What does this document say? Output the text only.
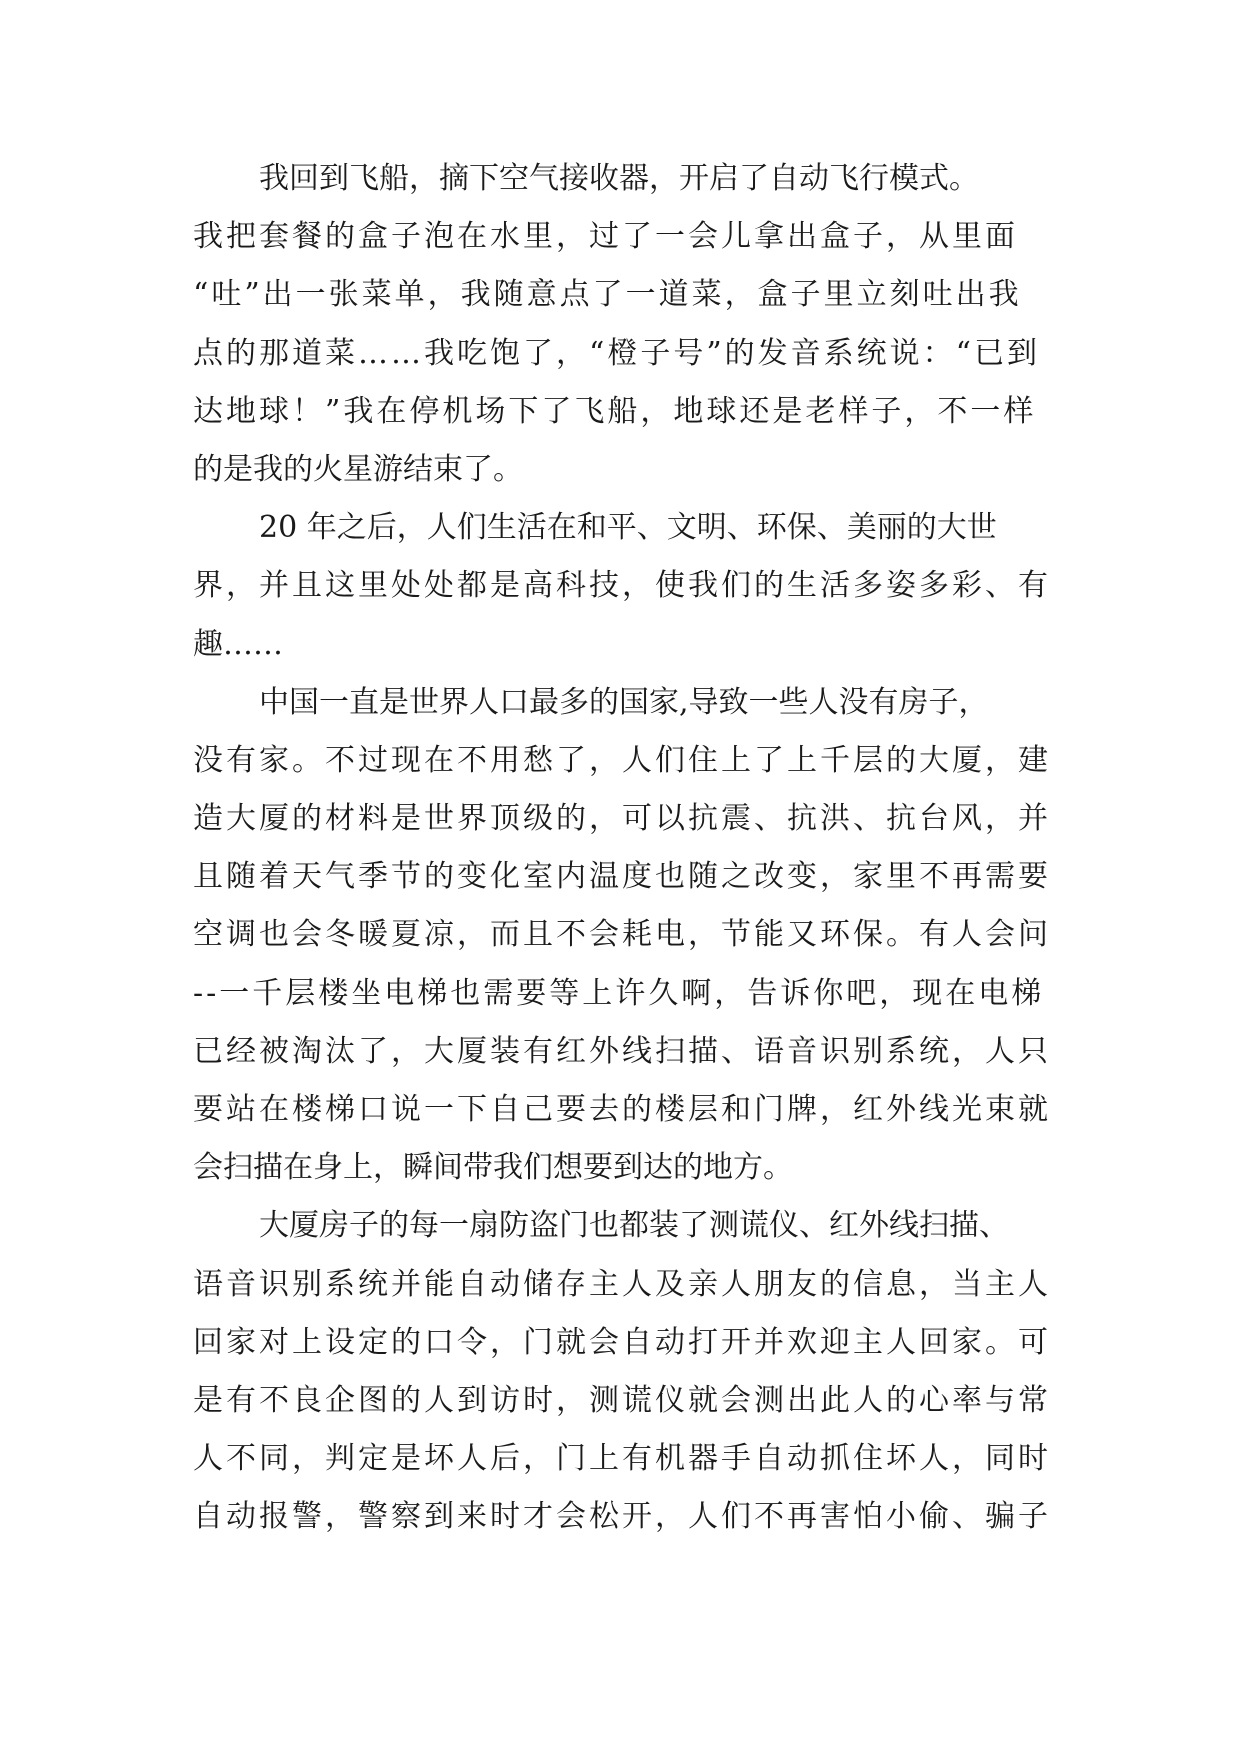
我回到飞船，摘下空气接收器，开启了自动飞行模式。
我把套餐的盒子泡在水里，过了一会儿拿出盒子，从里面
“吐”出一张菜单，我随意点了一道菜，盒子里立刻吐出我
点的那道菜……我吃饱了，“橙子号”的发音系统说：“已到
达地球！”我在停机场下了飞船，地球还是老样子，不一样
的是我的火星游结束了。

20 年之后，人们生活在和平、文明、环保、美丽的大世
界，并且这里处处都是高科技，使我们的生活多姿多彩、有
趣……

中国一直是世界人口最多的国家,导致一些人没有房子，
没有家。不过现在不用愁了，人们住上了上千层的大厦，建
造大厦的材料是世界顶级的，可以抗震、抗洪、抗台风，并
且随着天气季节的变化室内温度也随之改变，家里不再需要
空调也会冬暖夏凉，而且不会耗电，节能又环保。有人会问
--一千层楼坐电梯也需要等上许久啊，告诉你吧，现在电梯
已经被淘汰了，大厦装有红外线扫描、语音识别系统，人只
要站在楼梯口说一下自己要去的楼层和门牌，红外线光束就
会扫描在身上，瞬间带我们想要到达的地方。

大厦房子的每一扇防盗门也都装了测谎仪、红外线扫描、
语音识别系统并能自动储存主人及亲人朋友的信息，当主人
回家对上设定的口令，门就会自动打开并欢迎主人回家。可
是有不良企图的人到访时，测谎仪就会测出此人的心率与常
人不同，判定是坏人后，门上有机器手自动抓住坏人，同时
自动报警，警察到来时才会松开，人们不再害怕小偷、骗子
